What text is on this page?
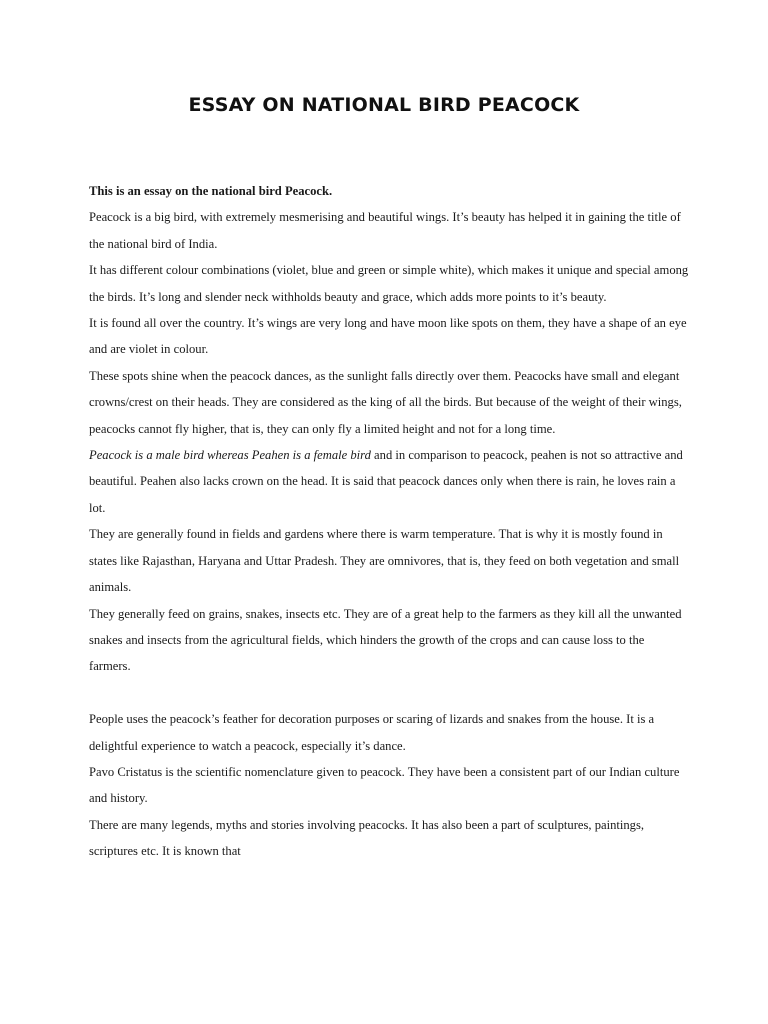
ESSAY ON NATIONAL BIRD PEACOCK

This is an essay on the national bird Peacock.

Peacock is a big bird, with extremely mesmerising and beautiful wings. It’s beauty has helped it in gaining the title of the national bird of India.

It has different colour combinations (violet, blue and green or simple white), which makes it unique and special among the birds. It’s long and slender neck withholds beauty and grace, which adds more points to it’s beauty.

It is found all over the country. It’s wings are very long and have moon like spots on them, they have a shape of an eye and are violet in colour.

These spots shine when the peacock dances, as the sunlight falls directly over them. Peacocks have small and elegant crowns/crest on their heads. They are considered as the king of all the birds. But because of the weight of their wings, peacocks cannot fly higher, that is, they can only fly a limited height and not for a long time.

Peacock is a male bird whereas Peahen is a female bird and in comparison to peacock, peahen is not so attractive and beautiful. Peahen also lacks crown on the head. It is said that peacock dances only when there is rain, he loves rain a lot.

They are generally found in fields and gardens where there is warm temperature. That is why it is mostly found in states like Rajasthan, Haryana and Uttar Pradesh. They are omnivores, that is, they feed on both vegetation and small animals.

They generally feed on grains, snakes, insects etc. They are of a great help to the farmers as they kill all the unwanted snakes and insects from the agricultural fields, which hinders the growth of the crops and can cause loss to the farmers.

People uses the peacock’s feather for decoration purposes or scaring of lizards and snakes from the house. It is a delightful experience to watch a peacock, especially it’s dance.

Pavo Cristatus is the scientific nomenclature given to peacock. They have been a consistent part of our Indian culture and history.

There are many legends, myths and stories involving peacocks. It has also been a part of sculptures, paintings, scriptures etc. It is known that
